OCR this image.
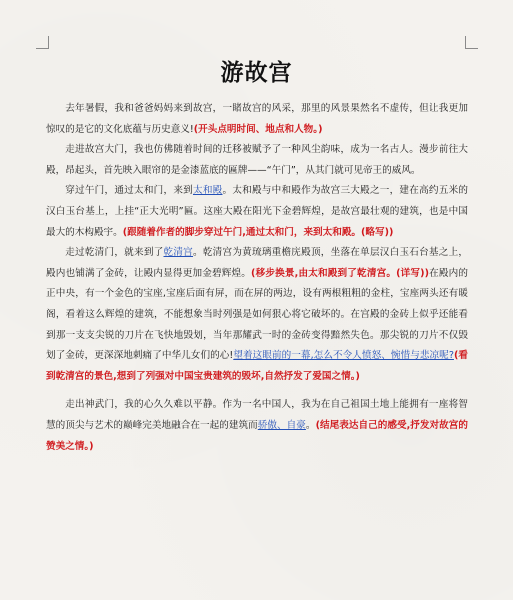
游故宫

去年暑假，我和爸爸妈妈来到故宫，一睹故宫的风采，那里的风景果然名不虚传，但让我更加惊叹的是它的文化底蕴与历史意义!(开头点明时间、地点和人物。)

走进故宫大门，我也仿佛随着时间的迁移被赋予了一种风尘韵味，成为一名古人。漫步前往大殿，昂起头，首先映入眼帘的是金漆蓝底的匾牌——“午门”，从其门就可见帝王的威风。

穿过午门，通过太和门，来到太和殿。太和殿与中和殿作为故宫三大殿之一，建在高约五米的汉白玉台基上，上挂“正大光明”匾。这座大殿在阳光下金碧辉煌，是故宫最壮观的建筑，也是中国最大的木构殿宇。(跟随着作者的脚步穿过午门,通过太和门，来到太和殿。(略写))

走过乾清门，就来到了乾清宫。乾清宫为黄琉璃重檐庑殿顶，坐落在单层汉白玉石台基之上，殿内也铺满了金砖，让殿内显得更加金碧辉煌。(移步换景,由太和殿到了乾清宫。(详写))在殿内的正中央，有一个金色的宝座,宝座后面有屏，而在屏的两边，设有两根粗粗的金柱，宝座两头还有暖阁，看着这么辉煌的建筑，不能想象当时列强是如何狠心将它破坏的。在宫殿的金砖上似乎还能看到那一支支尖锐的刀片在飞快地毁划，当年那耀武一时的金砖变得黯然失色。那尖锐的刀片不仅毁划了金砖，更深深地刺痛了中华儿女们的心!望着这眼前的一幕,怎么不令人愤怒、惋惜与悲凉呢?(看到乾清宫的景色,想到了列强对中国宝贵建筑的毁坏,自然抒发了爱国之情。)

走出神武门，我的心久久难以平静。作为一名中国人，我为在自己祖国土地上能拥有一座将智慧的顶尖与艺术的巅峰完美地融合在一起的建筑而骄傲、自豪。(结尾表达自己的感受,抒发对故宫的赞美之情。)
